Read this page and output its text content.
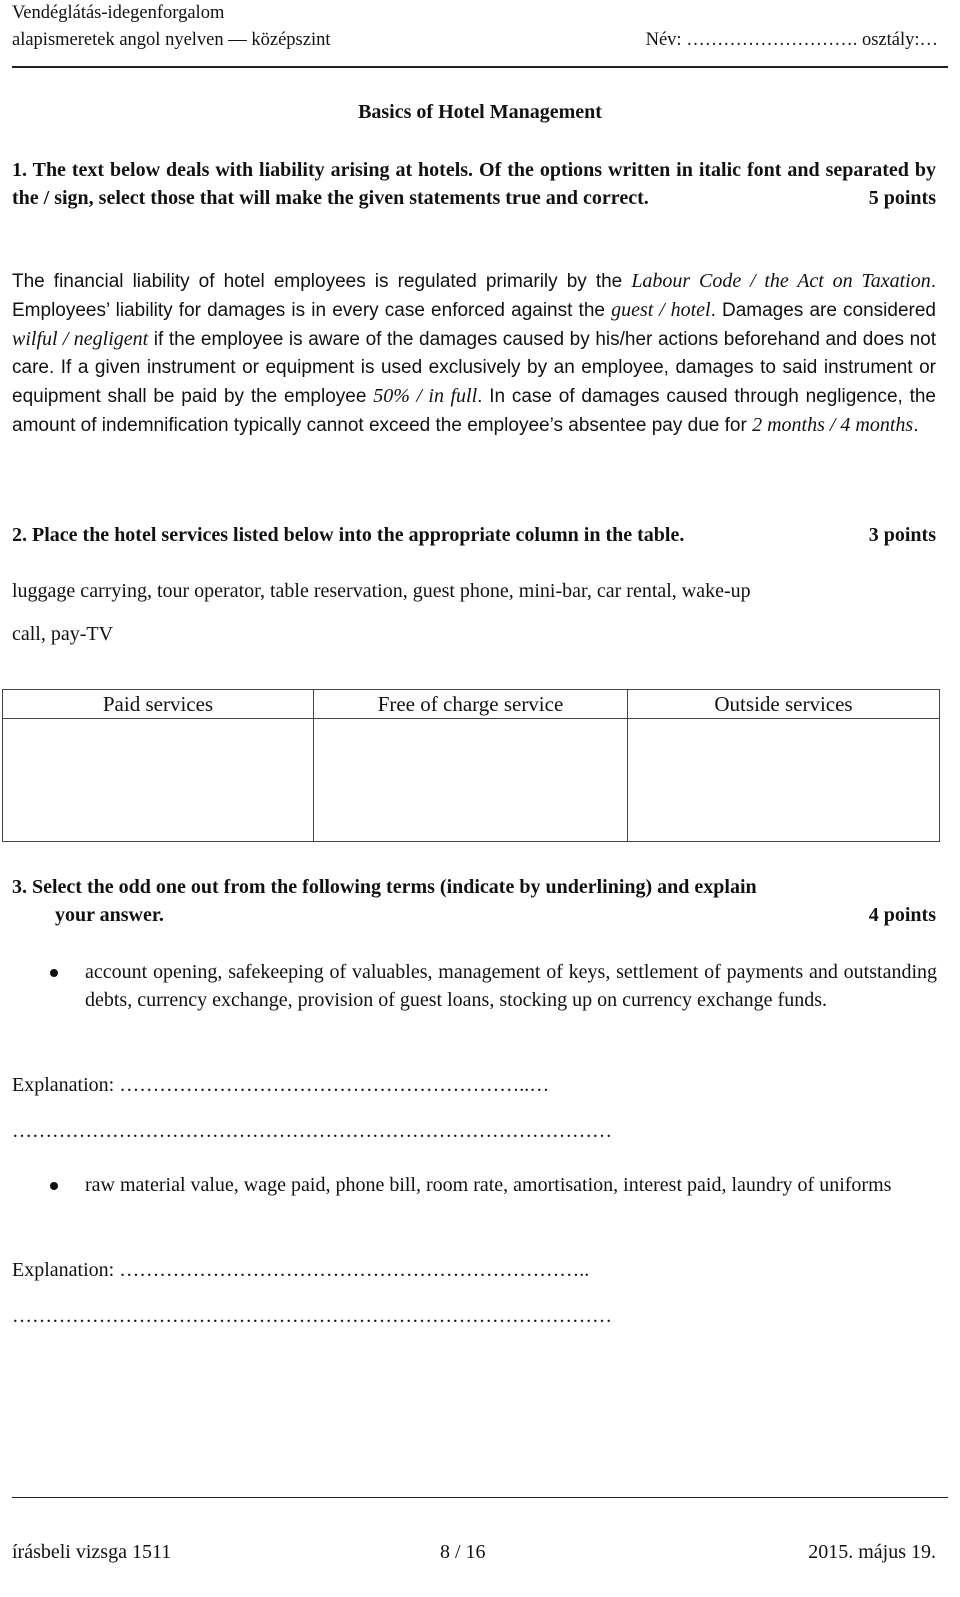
Vendéglátás-idegenforgalom
alapismeretek angol nyelven — középszint	Név: ………………………. osztály:…
Basics of Hotel Management
1. The text below deals with liability arising at hotels. Of the options written in italic font and separated by the / sign, select those that will make the given statements true and correct.	5 points
The financial liability of hotel employees is regulated primarily by the Labour Code / the Act on Taxation. Employees’ liability for damages is in every case enforced against the guest / hotel. Damages are considered wilful / negligent if the employee is aware of the damages caused by his/her actions beforehand and does not care. If a given instrument or equipment is used exclusively by an employee, damages to said instrument or equipment shall be paid by the employee 50% / in full. In case of damages caused through negligence, the amount of indemnification typically cannot exceed the employee’s absentee pay due for 2 months / 4 months.
2. Place the hotel services listed below into the appropriate column in the table.	3 points
luggage carrying, tour operator, table reservation, guest phone, mini-bar, car rental, wake-up
call, pay-TV
Paid services	Free of charge service	Outside services

3. Select the odd one out from the following terms (indicate by underlining) and explain
your answer.	4 points
account opening, safekeeping of valuables, management of keys, settlement of payments and outstanding debts, currency exchange, provision of guest loans, stocking up on currency exchange funds.
Explanation: ……………………………………………………..…
………………………………………………………………………………
raw material value, wage paid, phone bill, room rate, amortisation, interest paid, laundry of uniforms
Explanation: ……………………………………………………………..
………………………………………………………………………………
írásbeli vizsga 1511	8 / 16	2015. május 19.
